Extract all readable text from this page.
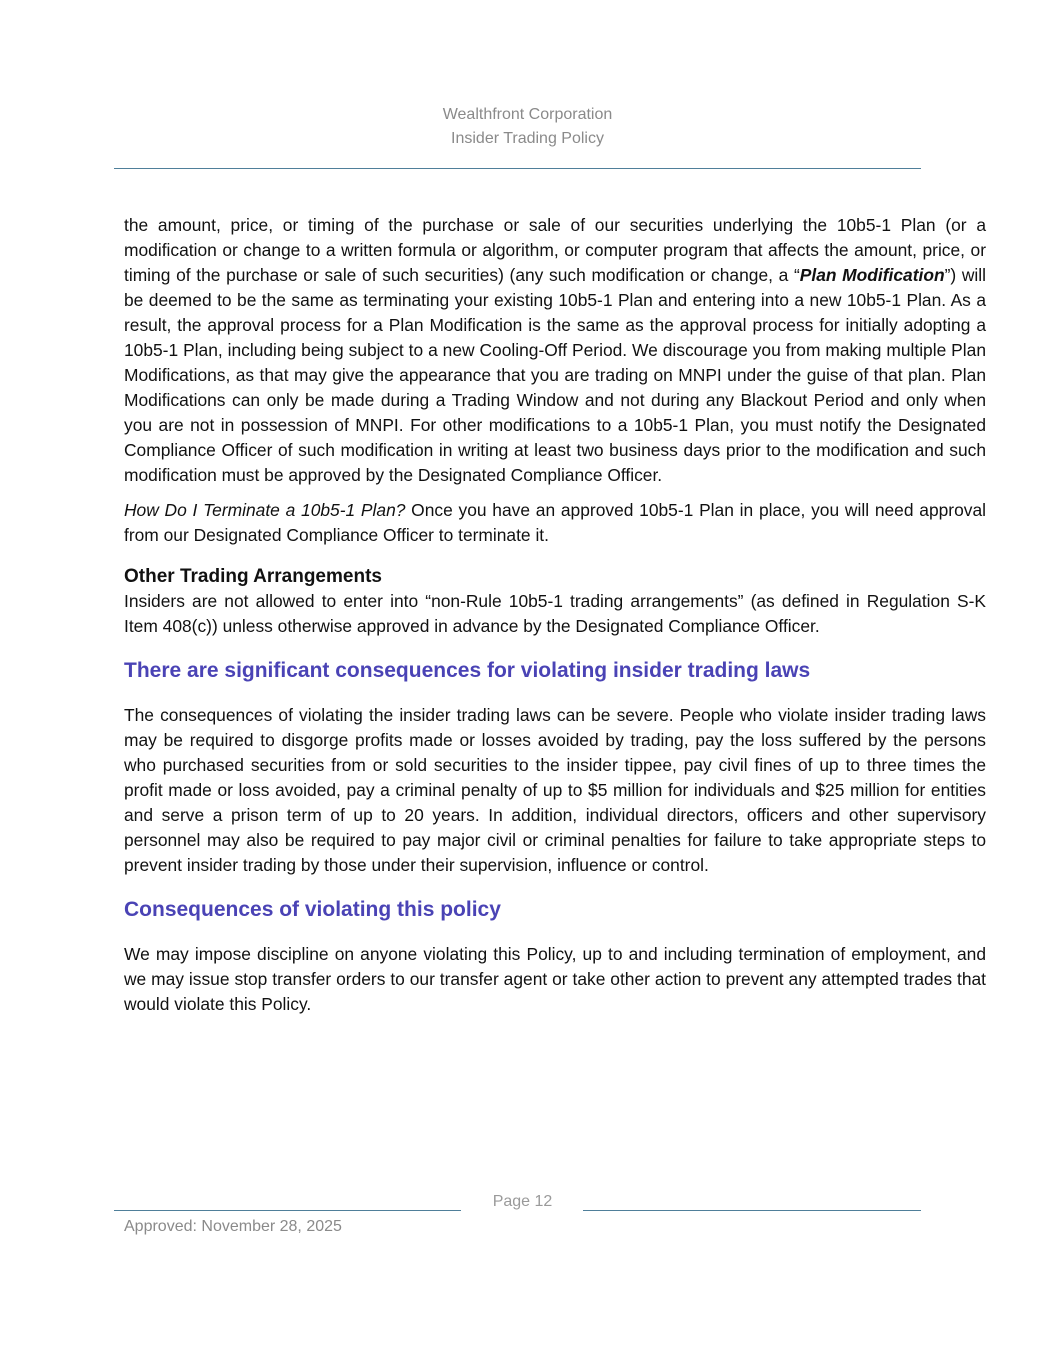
Wealthfront Corporation
Insider Trading Policy

the amount, price, or timing of the purchase or sale of our securities underlying the 10b5-1 Plan (or a modification or change to a written formula or algorithm, or computer program that affects the amount, price, or timing of the purchase or sale of such securities) (any such modification or change, a “Plan Modification”) will be deemed to be the same as terminating your existing 10b5-1 Plan and entering into a new 10b5-1 Plan. As a result, the approval process for a Plan Modification is the same as the approval process for initially adopting a 10b5-1 Plan, including being subject to a new Cooling-Off Period. We discourage you from making multiple Plan Modifications, as that may give the appearance that you are trading on MNPI under the guise of that plan. Plan Modifications can only be made during a Trading Window and not during any Blackout Period and only when you are not in possession of MNPI. For other modifications to a 10b5-1 Plan, you must notify the Designated Compliance Officer of such modification in writing at least two business days prior to the modification and such modification must be approved by the Designated Compliance Officer.

How Do I Terminate a 10b5-1 Plan? Once you have an approved 10b5-1 Plan in place, you will need approval from our Designated Compliance Officer to terminate it.

Other Trading Arrangements

Insiders are not allowed to enter into “non-Rule 10b5-1 trading arrangements” (as defined in Regulation S-K Item 408(c)) unless otherwise approved in advance by the Designated Compliance Officer.

There are significant consequences for violating insider trading laws

The consequences of violating the insider trading laws can be severe. People who violate insider trading laws may be required to disgorge profits made or losses avoided by trading, pay the loss suffered by the persons who purchased securities from or sold securities to the insider tippee, pay civil fines of up to three times the profit made or loss avoided, pay a criminal penalty of up to $5 million for individuals and $25 million for entities and serve a prison term of up to 20 years. In addition, individual directors, officers and other supervisory personnel may also be required to pay major civil or criminal penalties for failure to take appropriate steps to prevent insider trading by those under their supervision, influence or control.

Consequences of violating this policy

We may impose discipline on anyone violating this Policy, up to and including termination of employment, and we may issue stop transfer orders to our transfer agent or take other action to prevent any attempted trades that would violate this Policy.

Page 12
Approved: November 28, 2025
